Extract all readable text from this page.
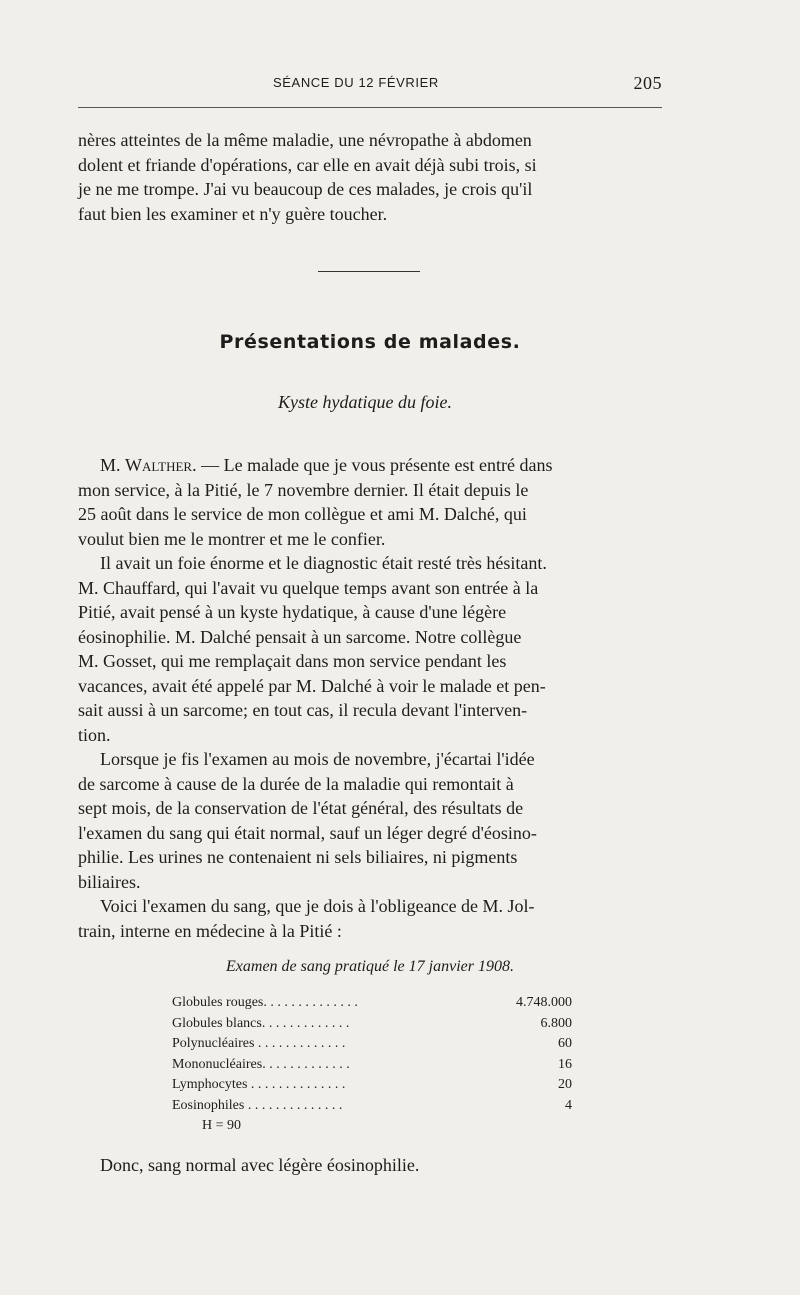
SÉANCE DU 12 FÉVRIER	205
nères atteintes de la même maladie, une névropathe à abdomen
dolent et friande d'opérations, car elle en avait déjà subi trois, si
je ne me trompe. J'ai vu beaucoup de ces malades, je crois qu'il
faut bien les examiner et n'y guère toucher.
Présentations de malades.
Kyste hydatique du foie.
M. Walther. — Le malade que je vous présente est entré dans
mon service, à la Pitié, le 7 novembre dernier. Il était depuis le
25 août dans le service de mon collègue et ami M. Dalché, qui
voulut bien me le montrer et me le confier.
Il avait un foie énorme et le diagnostic était resté très hésitant.
M. Chauffard, qui l'avait vu quelque temps avant son entrée à la
Pitié, avait pensé à un kyste hydatique, à cause d'une légère
éosinophilie. M. Dalché pensait à un sarcome. Notre collègue
M. Gosset, qui me remplaçait dans mon service pendant les
vacances, avait été appelé par M. Dalché à voir le malade et pen-
sait aussi à un sarcome; en tout cas, il recula devant l'interven-
tion.
Lorsque je fis l'examen au mois de novembre, j'écartai l'idée
de sarcome à cause de la durée de la maladie qui remontait à
sept mois, de la conservation de l'état général, des résultats de
l'examen du sang qui était normal, sauf un léger degré d'éosino-
philie. Les urines ne contenaient ni sels biliaires, ni pigments
biliaires.
Voici l'examen du sang, que je dois à l'obligeance de M. Jol-
train, interne en médecine à la Pitié :
Examen de sang pratiqué le 17 janvier 1908.
Globules rouges. . . . . . . . . . . . . .	4.748.000
Globules blancs. . . . . . . . . . . . .	6.800
Polynucléaires . . . . . . . . . . . . .	60
Mononucléaires. . . . . . . . . . . . .	16
Lymphocytes . . . . . . . . . . . . . .	20
Eosinophiles . . . . . . . . . . . . . .	4
H = 90
Donc, sang normal avec légère éosinophilie.
